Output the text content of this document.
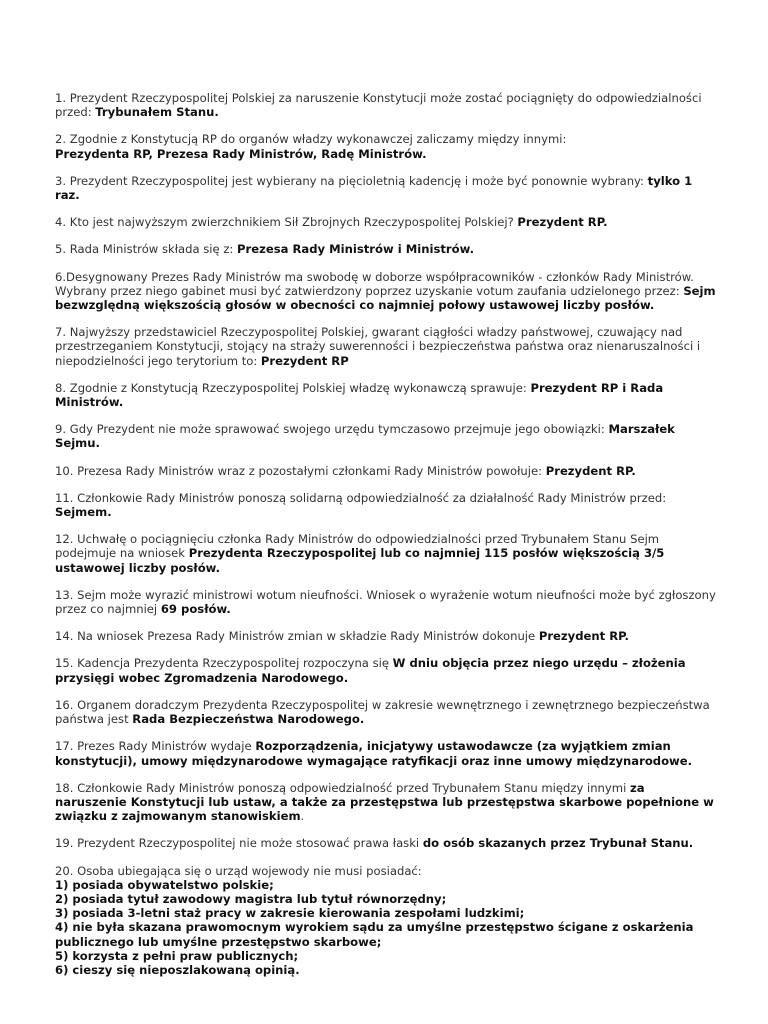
1. Prezydent Rzeczypospolitej Polskiej za naruszenie Konstytucji może zostać pociągnięty do odpowiedzialności przed: Trybunałem Stanu.
2. Zgodnie z Konstytucją RP do organów władzy wykonawczej zaliczamy między innymi:
Prezydenta RP, Prezesa Rady Ministrów, Radę Ministrów.
3. Prezydent Rzeczypospolitej jest wybierany na pięcioletnią kadencję i może być ponownie wybrany: tylko 1 raz.
4. Kto jest najwyższym zwierzchnikiem Sił Zbrojnych Rzeczypospolitej Polskiej? Prezydent RP.
5. Rada Ministrów składa się z: Prezesa Rady Ministrów i Ministrów.
6.Desygnowany Prezes Rady Ministrów ma swobodę w doborze współpracowników - członków Rady Ministrów. Wybrany przez niego gabinet musi być zatwierdzony poprzez uzyskanie votum zaufania udzielonego przez: Sejm bezwzględną większością głosów w obecności co najmniej połowy ustawowej liczby posłów.
7. Najwyższy przedstawiciel Rzeczypospolitej Polskiej, gwarant ciągłości władzy państwowej, czuwający nad przestrzeganiem Konstytucji, stojący na straży suwerenności i bezpieczeństwa państwa oraz nienaruszalności i niepodzielności jego terytorium to: Prezydent RP
8. Zgodnie z Konstytucją Rzeczypospolitej Polskiej władzę wykonawczą sprawuje: Prezydent RP i Rada Ministrów.
9. Gdy Prezydent nie może sprawować swojego urzędu tymczasowo przejmuje jego obowiązki: Marszałek Sejmu.
10. Prezesa Rady Ministrów wraz z pozostałymi członkami Rady Ministrów powołuje: Prezydent RP.
11. Członkowie Rady Ministrów ponoszą solidarną odpowiedzialność za działalność Rady Ministrów przed: Sejmem.
12. Uchwałę o pociągnięciu członka Rady Ministrów do odpowiedzialności przed Trybunałem Stanu Sejm podejmuje na wniosek Prezydenta Rzeczypospolitej lub co najmniej 115 posłów większością 3/5 ustawowej liczby posłów.
13. Sejm może wyrazić ministrowi wotum nieufności. Wniosek o wyrażenie wotum nieufności może być zgłoszony przez co najmniej 69 posłów.
14. Na wniosek Prezesa Rady Ministrów zmian w składzie Rady Ministrów dokonuje Prezydent RP.
15. Kadencja Prezydenta Rzeczypospolitej rozpoczyna się W dniu objęcia przez niego urzędu – złożenia przysięgi wobec Zgromadzenia Narodowego.
16. Organem doradczym Prezydenta Rzeczypospolitej w zakresie wewnętrznego i zewnętrznego bezpieczeństwa państwa jest Rada Bezpieczeństwa Narodowego.
17. Prezes Rady Ministrów wydaje Rozporządzenia, inicjatywy ustawodawcze (za wyjątkiem zmian konstytucji), umowy międzynarodowe wymagające ratyfikacji oraz inne umowy międzynarodowe.
18. Członkowie Rady Ministrów ponoszą odpowiedzialność przed Trybunałem Stanu między innymi za naruszenie Konstytucji lub ustaw, a także za przestępstwa lub przestępstwa skarbowe popełnione w związku z zajmowanym stanowiskiem.
19. Prezydent Rzeczypospolitej nie może stosować prawa łaski do osób skazanych przez Trybunał Stanu.
20. Osoba ubiegająca się o urząd wojewody nie musi posiadać:
1) posiada obywatelstwo polskie;
2) posiada tytuł zawodowy magistra lub tytuł równorzędny;
3) posiada 3-letni staż pracy w zakresie kierowania zespołami ludzkimi;
4) nie była skazana prawomocnym wyrokiem sądu za umyślne przestępstwo ścigane z oskarżenia publicznego lub umyślne przestępstwo skarbowe;
5) korzysta z pełni praw publicznych;
6) cieszy się nieposzlakowaną opinią.
